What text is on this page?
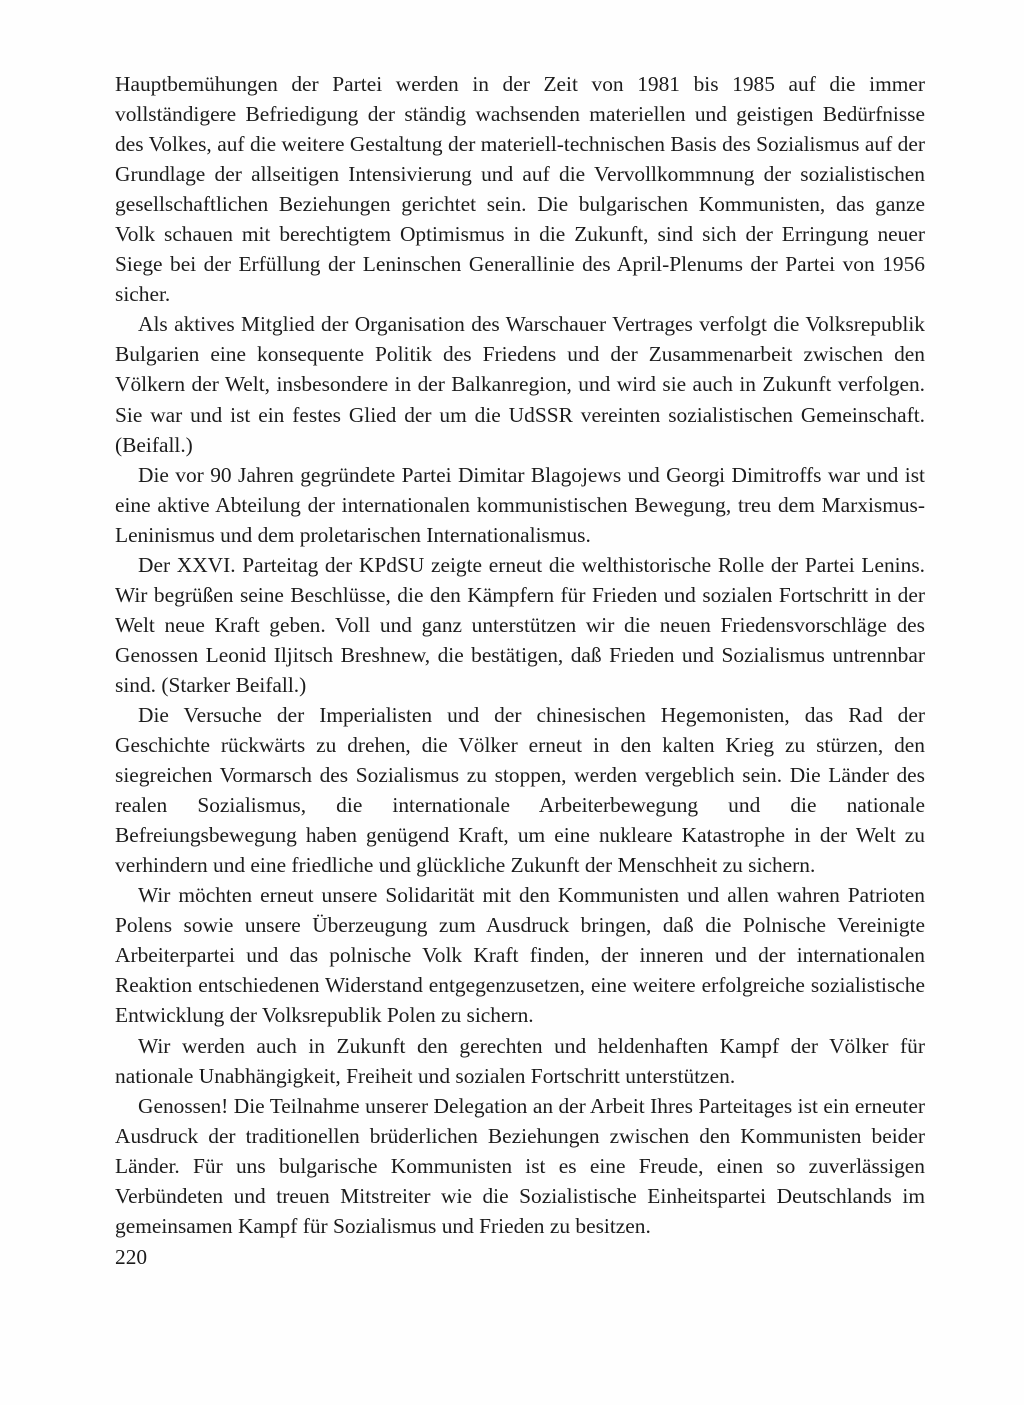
Hauptbemühungen der Partei werden in der Zeit von 1981 bis 1985 auf die immer vollständigere Befriedigung der ständig wachsenden materiellen und geistigen Bedürfnisse des Volkes, auf die weitere Gestaltung der materiell-technischen Basis des Sozialismus auf der Grundlage der allseitigen Intensivierung und auf die Vervollkommnung der sozialistischen gesellschaftlichen Beziehungen gerichtet sein. Die bulgarischen Kommunisten, das ganze Volk schauen mit berechtigtem Optimismus in die Zukunft, sind sich der Erringung neuer Siege bei der Erfüllung der Leninschen Generallinie des April-Plenums der Partei von 1956 sicher.

Als aktives Mitglied der Organisation des Warschauer Vertrages verfolgt die Volksrepublik Bulgarien eine konsequente Politik des Friedens und der Zusammenarbeit zwischen den Völkern der Welt, insbesondere in der Balkanregion, und wird sie auch in Zukunft verfolgen. Sie war und ist ein festes Glied der um die UdSSR vereinten sozialistischen Gemeinschaft. (Beifall.)

Die vor 90 Jahren gegründete Partei Dimitar Blagojews und Georgi Dimitroffs war und ist eine aktive Abteilung der internationalen kommunistischen Bewegung, treu dem Marxismus-Leninismus und dem proletarischen Internationalismus.

Der XXVI. Parteitag der KPdSU zeigte erneut die welthistorische Rolle der Partei Lenins. Wir begrüßen seine Beschlüsse, die den Kämpfern für Frieden und sozialen Fortschritt in der Welt neue Kraft geben. Voll und ganz unterstützen wir die neuen Friedensvorschläge des Genossen Leonid Iljitsch Breshnew, die bestätigen, daß Frieden und Sozialismus untrennbar sind. (Starker Beifall.)

Die Versuche der Imperialisten und der chinesischen Hegemonisten, das Rad der Geschichte rückwärts zu drehen, die Völker erneut in den kalten Krieg zu stürzen, den siegreichen Vormarsch des Sozialismus zu stoppen, werden vergeblich sein. Die Länder des realen Sozialismus, die internationale Arbeiterbewegung und die nationale Befreiungsbewegung haben genügend Kraft, um eine nukleare Katastrophe in der Welt zu verhindern und eine friedliche und glückliche Zukunft der Menschheit zu sichern.

Wir möchten erneut unsere Solidarität mit den Kommunisten und allen wahren Patrioten Polens sowie unsere Überzeugung zum Ausdruck bringen, daß die Polnische Vereinigte Arbeiterpartei und das polnische Volk Kraft finden, der inneren und der internationalen Reaktion entschiedenen Widerstand entgegenzusetzen, eine weitere erfolgreiche sozialistische Entwicklung der Volksrepublik Polen zu sichern.

Wir werden auch in Zukunft den gerechten und heldenhaften Kampf der Völker für nationale Unabhängigkeit, Freiheit und sozialen Fortschritt unterstützen.

Genossen! Die Teilnahme unserer Delegation an der Arbeit Ihres Parteitages ist ein erneuter Ausdruck der traditionellen brüderlichen Beziehungen zwischen den Kommunisten beider Länder. Für uns bulgarische Kommunisten ist es eine Freude, einen so zuverlässigen Verbündeten und treuen Mitstreiter wie die Sozialistische Einheitspartei Deutschlands im gemeinsamen Kampf für Sozialismus und Frieden zu besitzen.

220
